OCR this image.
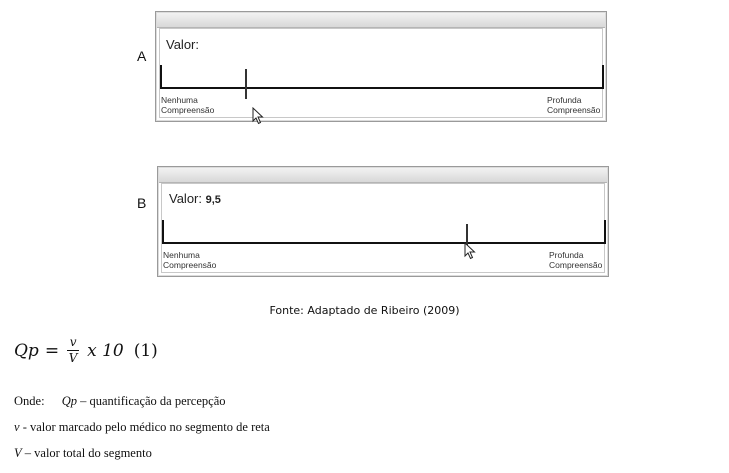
A
Valor:
Nenhuma
Compreensão
Profunda
Compreensão
B Valor: 9,5
Nenhuma
Compreensão
Profunda
Compreensão
Fonte: Adaptado de Ribeiro (2009)
$Qp = \frac{v}{V}$ x 10 (1)
Onde: Qp – quantificação da percepção
v - valor marcado pelo médico no segmento de reta
V – valor total do segmento
